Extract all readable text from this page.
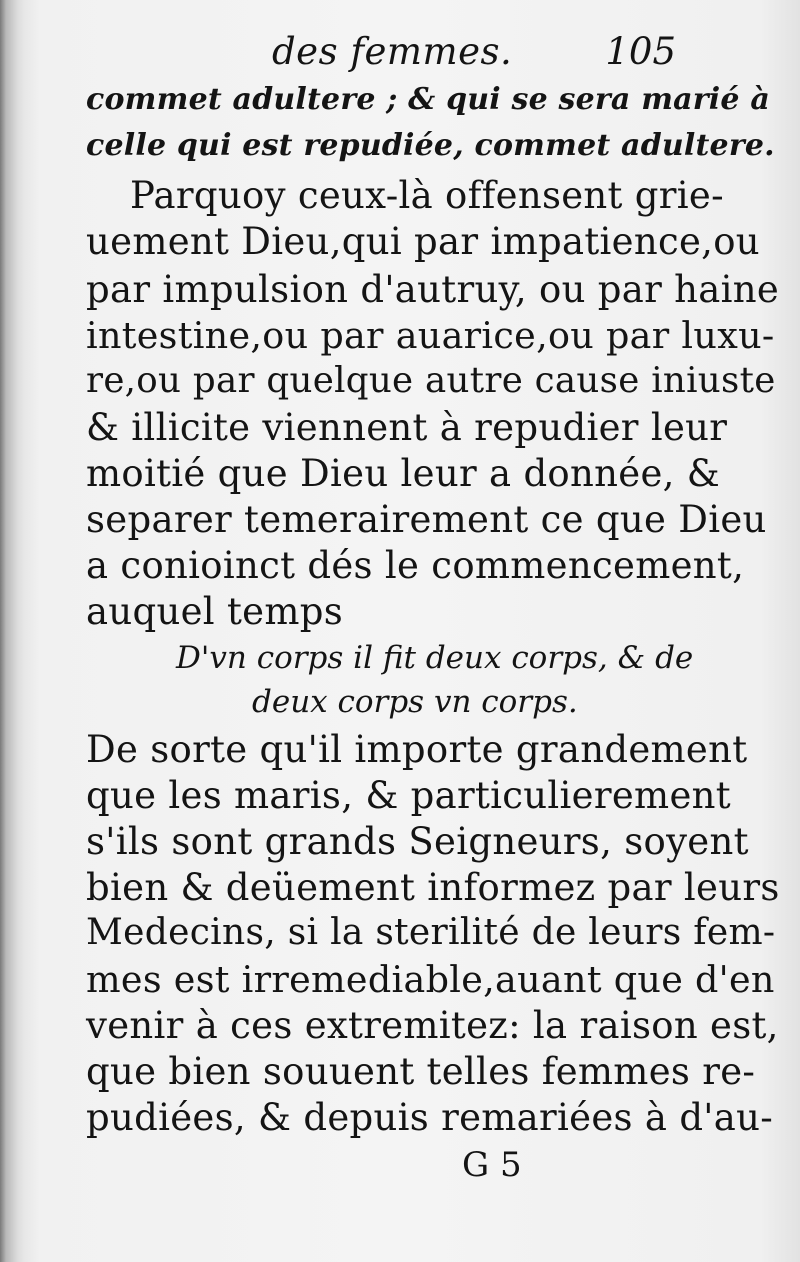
des femmes.	105
commet adultere ; & qui se sera marié à
celle qui est repudiée, commet adultere.
Parquoy ceux-là offensent grie-
uement Dieu,qui par impatience,ou
par impulsion d'autruy, ou par haine
intestine,ou par auarice,ou par luxu-
re,ou par quelque autre cause iniuste
& illicite viennent à repudier leur
moitié que Dieu leur a donnée, &
separer temerairement ce que Dieu
a conioinct dés le commencement,
auquel temps
D'vn corps il fit deux corps, & de
deux corps vn corps.
De sorte qu'il importe grandement
que les maris, & particulierement
s'ils sont grands Seigneurs, soyent
bien & deüement informez par leurs
Medecins, si la sterilité de leurs fem-
mes est irremediable,auant que d'en
venir à ces extremitez: la raison est,
que bien souuent telles femmes re-
pudiées, & depuis remariées à d'au-
G 5
